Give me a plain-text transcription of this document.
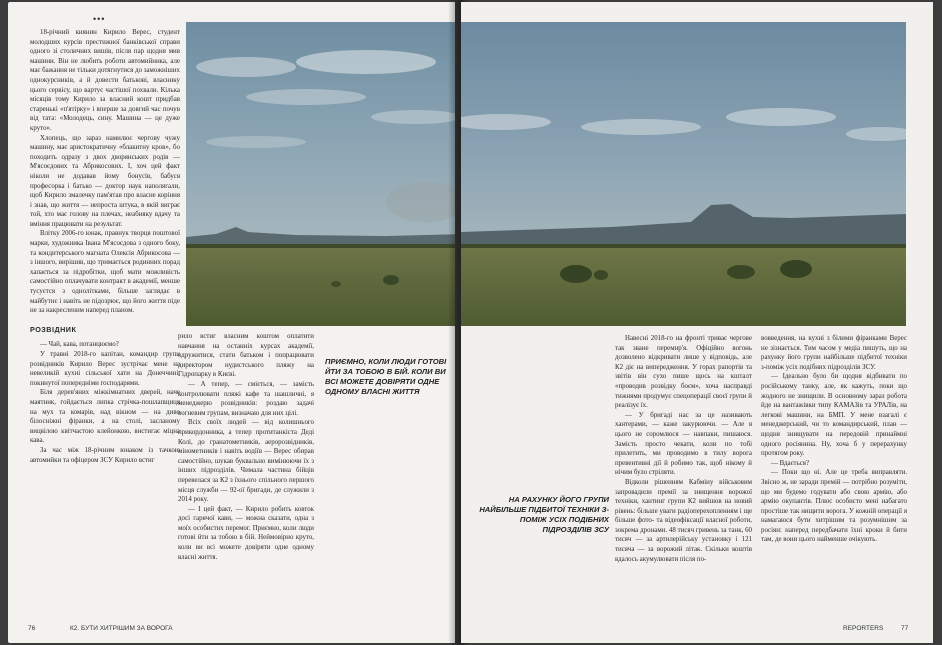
•••

18-річний киянин Кирило Верес, студент молодших курсів престижної банківської справи одного зі столичних вишів, після пар щодня мив машини. Він не любить роботи автомийника, але має бажання не тільки дотягнутися до заможніших однокурсників, а й довести батькові, власнику цього сервісу, що вартує частішої похвали. Кілька місяців тому Кирило за власний кошт придбав старенькі «п'ятірку» і вперше за довгий час почув від тата: «Молодець, сину. Машина — це дуже круто».

Хлопець, що зараз намилює чергову чужу машину, має аристократичну «блакитну кров», бо походить одразу з двох дворянських родів — М'ясоєдових та Абрикосових. І, хоч цей факт ніколи не додавав йому бонусів, бабуся професорка і батько — доктор наук наполягали, щоб Кирило змалечку пам'ятав про власне коріння і знав, що життя — непроста штука, в якій виграє той, хто має голову на плечах, неабияку вдачу та вміння працювати на результат.

Влітку 2006-го юнак, правнук творця поштової марки, художника Івана М'ясоєдова з одного боку, та кондитерського магната Олексія Абрикосова — з іншого, вирішив, що тримається родинних порад хапається за підробітки, щоб мати можливість самостійно оплачувати контракт в академії, менше тусуєтся з однолітками, більше заглядає в майбутнє і навіть не підозрює, що його життя піде не за накресленим наперед планом.

РОЗВІДНИК

— Чай, кава, потанцюємо?

У травні 2018-го капітан, командир групи розвідників Кирило Верес зустрічає мене на невеликій кухні сільської хати на Донеччині, покинутої попередніми господарями.

Біля дерев'яних міжкімнатних дверей, наче маятник, гойдається липка стрічка-пошлапщиця на мух та комарів, над вікном — на диво білосніжні фіранки, а на столі, засланому вицвілою квітчастою клейонкою, вистигає міцна кава.

За час між 18-річним юнаком із тачкою автомийки та офіцером ЗСУ Кирило встиг

рило встиг власним коштом оплатити навчання на останніх курсах академії, одружитися, стати батьком і попрацювати директором нудистського пляжу на Гідропарку в Києві.

— А тепер, — сміється, — замість контролювати пляжі кафе та шашличні, я менеджерю розвідників: роздаю задачі вогневим групам, визначаю для них цілі.

Всіх своїх людей — від колишнього прикордонника, а тепер протитанкіста Деді Колі, до гранатометників, аеророзвідників, мінометників і навіть водіїв — Верес обирав самостійно, шукав буквально вимінюючи їх з інших підрозділів. Чимала частина бійців перевелася за К2 з їхнього спільного першого місця служби — 92-ої бригади, де служили з 2014 року.

— І цей факт, — Кирило робить ковток досі гарячої кави, — можна сказати, одна з моїх особистих перемог. Приємно, коли люди готові йти за тобою в бій. Неймовірно круто, коли ви всі можете довіряти одне одному власні життя.

ПРИЄМНО, КОЛИ ЛЮДИ ГОТОВІ ЙТИ ЗА ТОБОЮ В БІЙ. КОЛИ ВИ ВСІ МОЖЕТЕ ДОВІРЯТИ ОДНЕ ОДНОМУ ВЛАСНІ ЖИТТЯ
76	К2. БУТИ ХИТРІШИМ ЗА ВОРОГА

Навесні 2018-го на фронті триває черговe так зване перемир'я. Офіційно вогонь дозволено відкривати лише у відповідь, але К2 діє на випередження. У горах рапортів та звітів він сухо пише щось на кшталт «проводив розвідку боєм», хоча насправді тижнями продумує спецоперації своєї групи й реалізує їх.

— У бригаді нас за це називають хантерами, — каже закурюючи. — Але я цього не соромлюся — навпаки, пишаюся. Замість просто чекати, коли по тобі прилетить, ми проводимо в тилу ворога превентивні дії й робимо так, щоб нікому й нічим було стріляти.

Відколи рішенням Кабміну військовим запровадили премії за знищення ворожої техніки, хантинг групи К2 вийшов на новий рівень: більше уваги радіоперехопленням і ще більше фото- та відеофіксації власної роботи, зокрема дронами. 48 тисяч гривень за танк, 60 тисяч — за артилерійську установку і 121 тисяча — за ворожий літак. Скільки коштів вдалось акумулювати після по-

НА РАХУНКУ ЙОГО ГРУПИ НАЙБІЛЬШЕ ПІДБИТОЇ ТЕХНІКИ З-ПОМІЖ УСІХ ПОДІБНИХ ПІДРОЗДІЛІВ ЗСУ

вовведення, на кухні з білими фіранками Верес не зізнається. Тим часом у медіа пишуть, що на рахунку його групи найбільше підбитої техніки з-поміж усіх подібних підрозділів ЗСУ.

— Ідеально було би щодня відбивати по російському танку, але, як кажуть, поки що жодного не знищили. В основному зараз робота йде на вантажівки типу КАМАЗів та УРАЛів, на легкові машини, на БМП. У мене взагалі є менеджерський, чи то командирський, план — щодня знищувати на передовій принаймні одного росіянина. Ну, хоча б у перерахунку протягом року.

— Вдається?

— Поки що ні. Але це треба виправляти. Звісно ж, не заради премій — потрібно розуміти, що ми будемо годувати або свою армію, або армію окупантів. Плюс особисто мені набагато простіше так нищити ворога. У кожній операції я намагаюся бути хитрішим та розумнішим за росіян: наперед передбачати їхні кроки й бити там, де вони цього найменше очікують.

REPORTERS	77
